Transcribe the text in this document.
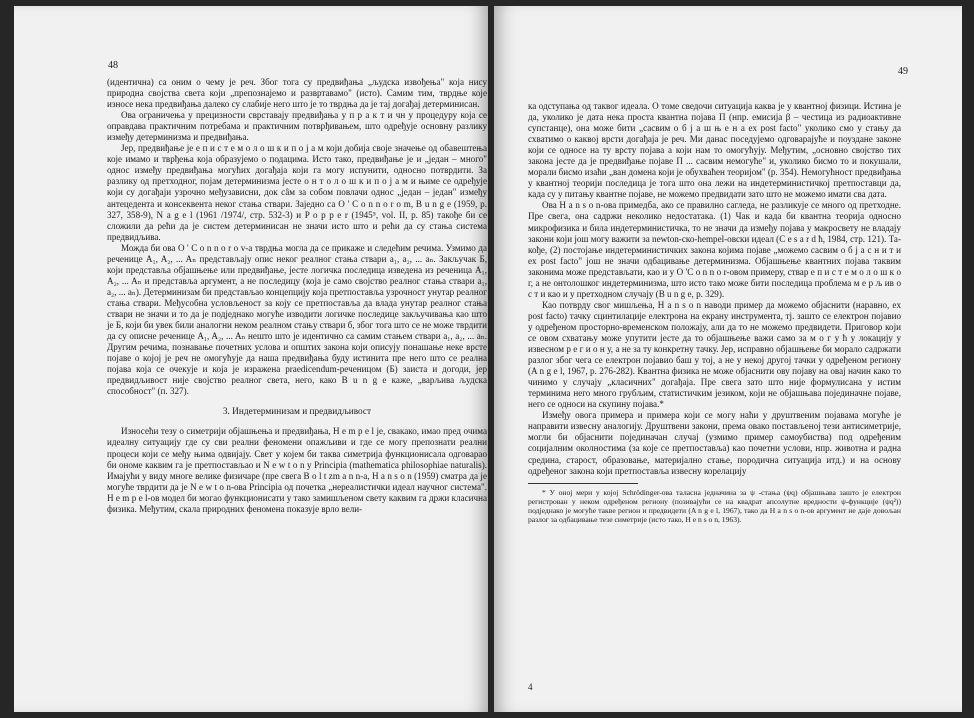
48

(идентична) са оним о чему је реч. Због тога су предвиђања „људска извођења" која нису природна својства света који „препознајемо и развртавамо" (исто). Самим тим, тврдње које износе нека предвиђања далеко су слабије него што је то тврдња да је тај догађај детерминисан.

Ова ограничења у прецизности сврставају предвиђања у п р а к т и чн у процедуру која се оправдава практичним потребама и практичним потврђивањем, што одређује основну разлику између детерминизма и предвиђања.

Јер, предвиђање је е п и с т е м о л о ш к и п о ј а м који добија своје значење од обавештења које имамо и тврђења која образујемо о подацима. Исто тако, предвиђање је и „један – много" однос између предвиђања могућих догађаја који га могу испунити, односно потврдити. За разлику од претходног, појам детерминизма јесте о н т о л о ш к и п о ј а м и њиме се одређује који су догађаји узрочно међузависни, док сâм за собом повлачи однос „један – један" између антецедента и консеквента неког стања ствари. Заједно са O ' C o n n o r o m, B u n g e (1959, p. 327, 358-9), N a g e l (1961 /1974/, стр. 532-3) и P o p p e r (1945⁵, vol. II, p. 85) такође би се сложили да рећи да је систем детерминисан не значи исто што и рећи да су стања система предвидљива.

Можда би ова O ' C o n n o r o v-а тврдња могла да се прикаже и следећим речима. Узмимо да реченице A₁, A₂, ... Aₙ представљају опис неког реалног стања ствари a₁, a₂, ... aₙ. Закључак Б, који представља објашњење или предвиђање, јесте логичка последица изведена из реченица A₁, A₂, ... Aₙ и представља аргумент, а не последицу (која је само својство реалног стања ствари a₁, a₂, ... aₙ). Детерминизам би представљао концепцију која претпоставља узрочност унутар реалног стања ствари. Међусобна условљеност за коју се претпоставља да влада унутар реалног стања ствари не значи и то да је подједнако могуће изводити логичке последице закључивања као што је Б, који би увек били аналогни неком реалном стању ствари б, због тога што се не може тврдити да су описне реченице A₁, A₂, ... Aₙ нешто што је идентично са самим стањем ствари a₁, a₂, ... aₙ. Другим речима, познавање почетних услова и општих закона који описују понашање неке врсте појаве о којој је реч не омогућује да наша предвиђања буду истинита пре него што се реална појава која се очекује и која је изражена praedicendum-реченицом (Б) заиста и догоди, јер предвидљивост није својство реалног света, него, како B u n g e каже, „варљива људска способност" (п. 327).

3. Индетерминизам и предвидљивост

Износећи тезу о симетрији објашњења и предвиђања, H e m p e l је, свакако, имао пред очима идеалну ситуацију где су сви реални феномени опажљиви и где се могу препознати реални процеси који се међу њима одвијају. Свет у којем би таква симетрија функционисала одговарао би ономе каквим га је претпостављао и N e w t o n у Principia (mathematica philosophiae naturalis). Имајући у виду многе велике физичаре (пре свега B o l t zm a n n-a, H a n s o n (1959) сматра да је могуће тврдити да је N e w t o n-ова Principia од почетка „нереалистички идеал научног система". H e m p e l-ов модел би могао функционисати у тако замишљеном свету каквим га држи класична физика. Међутим, скала природних феномена показује врло вели-

49

ка одступања од таквог идеала. О томе сведочи ситуација каква је у квантној физици. Истина је да, уколико је дата нека проста квантна појава П (нпр. емисија β – честица из радиоактивне супстанце), она може бити „сасвим о б ј а ш њ е н а ex post facto" уколико смо у стању да схватимо о каквој врсти догађаја је реч. Ми данас поседујемо одговарајуће и поуздане законе који се односе на ту врсту појава а који нам то омогућују. Међутим, „основно својство тих закона јесте да је предвиђање појаве П ... сасвим немогуће" и, уколико бисмо то и покушали, морали бисмо изаћи „ван домена који је обухваћен теоријом" (p. 354). Немогућност предвиђања у квантној теорији последица је тога што она лежи на индетерминистичкој претпоставци да, када су у питању квантне појаве, не можемо предвидати зато што не можемо имати сва дата.

Ова H a n s o n-ова примедба, ако се правилно сагледа, не разликује се много од претходне. Пре свега, она садржи неколико недостатака. (1) Чак и када би квантна теорија односно микрофизика и била индетерминистичка, то не значи да између појава у макросвету не владају закони који још могу важити за newton-ско-hempel-овски идеал (C e s a r d ћ, 1984, стр. 121). Такође, (2) постојање индетерминистичких закона којима појаве „можемо сасвим о б ј а с н и т и ex post facto" још не значи одбацивање детерминизма. Објашњење квантних појава таквим законима може представљати, као и у O 'C o n n o r-овом примеру, ствар е п и с т е м о л о ш к о г, а не онтолошког индетерминизма, што исто тако може бити последица проблема м е р љ ив о с т и као и у претходном случају (B u n g e, p. 329).

Као потврду свог мишљења, H a n s o n наводи пример да можемо објаснити (наравно, ex post facto) тачку сцинтилације електрона на екрану инструмента, тј. зашто се електрон појавио у одређеном просторно-временском положају, али да то не можемо предвидети. Приговор који се овом схватању може упутити јесте да то објашњење важи само за м о г у ћ у локацију у извесном р е г и о н у, а не за ту конкретну тачку. Јер, исправно објашњење би морало садржати разлог због чега се електрон појавио баш у тој, а не у некој другој тачки у одређеном региону (A n g e l, 1967, p. 276-282). Квантна физика не може објаснити ову појаву на овај начин како то чинимо у случају „класичних" догађаја. Пре свега зато што није формулисана у истим терминима него много грубљим, статистичким језиком, који не објашњава појединачне појаве, него се односи на скупину појава.*

Између овога примера и примера који се могу наћи у друштвеним појавама могуће је направити извесну аналогију. Друштвени закони, према овако постављеној тези антисиметрије, могли би објаснити појединачан случај (узмимо пример самоубиства) под одређеним социјалним околностима (за које се претпоставља) као почетни услови, нпр. животна и радна средина, старост, образовање, материјално стање, породична ситуација итд.) и на основу одређеног закона који претпоставља извесну корелацију

* У оној мери у којој Schrödinger-ова таласна једначина за ψ -стања (ψq) објашњава зашто је електрон регистрован у неком одређеном региону (позивајући се на квадрат апсолутне вредности ψ-функције (ψq²)) подједнако је могуће таквe регион и предвидети (A n g e l, 1967), тако да H a n s o n-ов аргумент не даје довољан разлог за одбацивање тезе симетрије (исто тако, H e n s o n, 1963).

4
